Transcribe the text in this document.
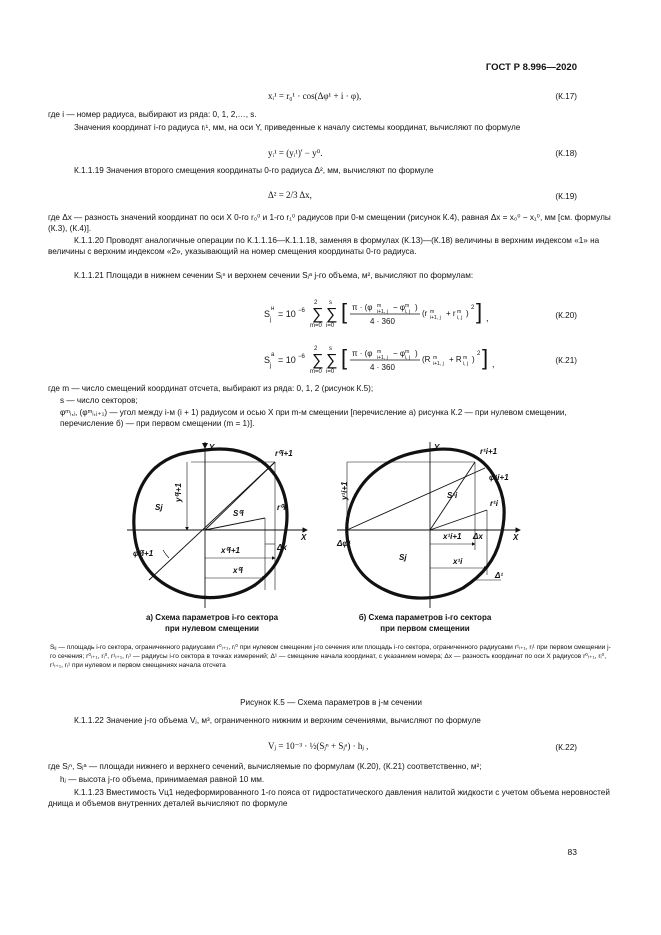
ГОСТ Р 8.996—2020
xᵢ¹ = r₀¹ · cos(Δφ¹ + i · φ),	(К.17)
где i — номер радиуса, выбирают из ряда: 0, 1, 2,…, s.
Значения координат i-го радиуса rᵢ¹, мм, на оси Y, приведенные к началу системы координат, вычисляют по формуле
yᵢ¹ = (yᵢ¹)' − y⁰.	(К.18)
К.1.1.19 Значения второго смещения координаты 0-го радиуса Δ², мм, вычисляют по формуле
Δ² = 2/3 Δx,	(К.19)
где Δx — разность значений координат по оси X 0-го r₀⁰ и 1-го r₁⁰ радиусов при 0-м смещении (рисунок К.4), равная Δx = x₀⁰ − x₁⁰, мм [см. формулы (К.3), (К.4)].
К.1.1.20 Проводят аналогичные операции по К.1.1.16—К.1.1.18, заменяя в формулах (К.13)—(К.18) величины в верхним индексом «1» на величины с верхним индексом «2», указывающий на номер смещения координаты 0-го радиуса.
К.1.1.21 Площади в нижнем сечении Sⱼⁿ и верхнем сечении Sⱼᵃ j-го объема, м², вычисляют по формулам:
S
j
н = 10 −6 ∑
2
m=0
∑
s
i=0
[ π · (φ m
i+1, j − φ m
i, j )
4 · 360
(r m
i+1, j + r m
i, j )
2 ] ,	(К.20)
S
j
a = 10 −6 ∑
2
m=0
∑
s
i=0
[ π · (φ m
i+1, j − φ m
i, j )
4 · 360
(R m
i+1, j + R m
i, j )
2 ] ,	(К.21)
где m — число смещений координат отсчета, выбирают из ряда: 0, 1, 2 (рисунок К.5);
s — число секторов;
φᵐᵢ,ⱼ, (φᵐᵢ,ⱼ₊₁) — угол между i-м (i + 1) радиусом и осью X при m-м смещении [перечисление а) рисунка К.2 — при нулевом смещении, перечисление б) — при первом смещении (m = 1)].
Y
X
Sj
S⁰i
r⁰i+1
r⁰i
φ⁰i+1	x⁰i+1
x⁰i
Δx
y⁰i+1
Y
X
r¹i+1
φ¹i+1
S¹i
r¹i
x¹i+1 Δx
x¹i
Δφ¹
Sj
Δ¹
y¹i+1
а) Схема параметров i-го сектора
при нулевом смещении
б) Схема параметров i-го сектора
при первом смещении
Sᵢⱼ — площадь i-го сектора, ограниченного радиусами r⁰ᵢ₊₁, rᵢ⁰ при нулевом смещении j-го сечения или площадь i-го сектора, ограниченного радиусами r¹ᵢ₊₁, rᵢ¹ при первом смещении j-го сечения; r⁰ᵢ₊₁, rᵢ⁰, r¹ᵢ₊₁, rᵢ¹ — радиусы i-го сектора в точках измерений; Δ¹ — смещение начала координат, с указанием номера; Δx — разность координат по оси X радиусов r⁰ᵢ₊₁, rᵢ⁰, r¹ᵢ₊₁, rᵢ¹ при нулевом и первом смещениях начала отсчета
Рисунок К.5 — Схема параметров в j-м сечении
К.1.1.22 Значение j-го объема Vⱼ, м³, ограниченного нижним и верхним сечениями, вычисляют по формуле
Vⱼ = 10⁻³ · ½(Sⱼⁿ + Sⱼᵃ) · hⱼ ,	(К.22)
где Sⱼⁿ, Sⱼᵃ — площади нижнего и верхнего сечений, вычисляемые по формулам (К.20), (К.21) соответственно, м²;
hⱼ — высота j-го объема, принимаемая равной 10 мм.
К.1.1.23 Вместимость Vц1 недеформированного 1-го пояса от гидростатического давления налитой жидкости с учетом объема неровностей днища и объемов внутренних деталей вычисляют по формуле
83
